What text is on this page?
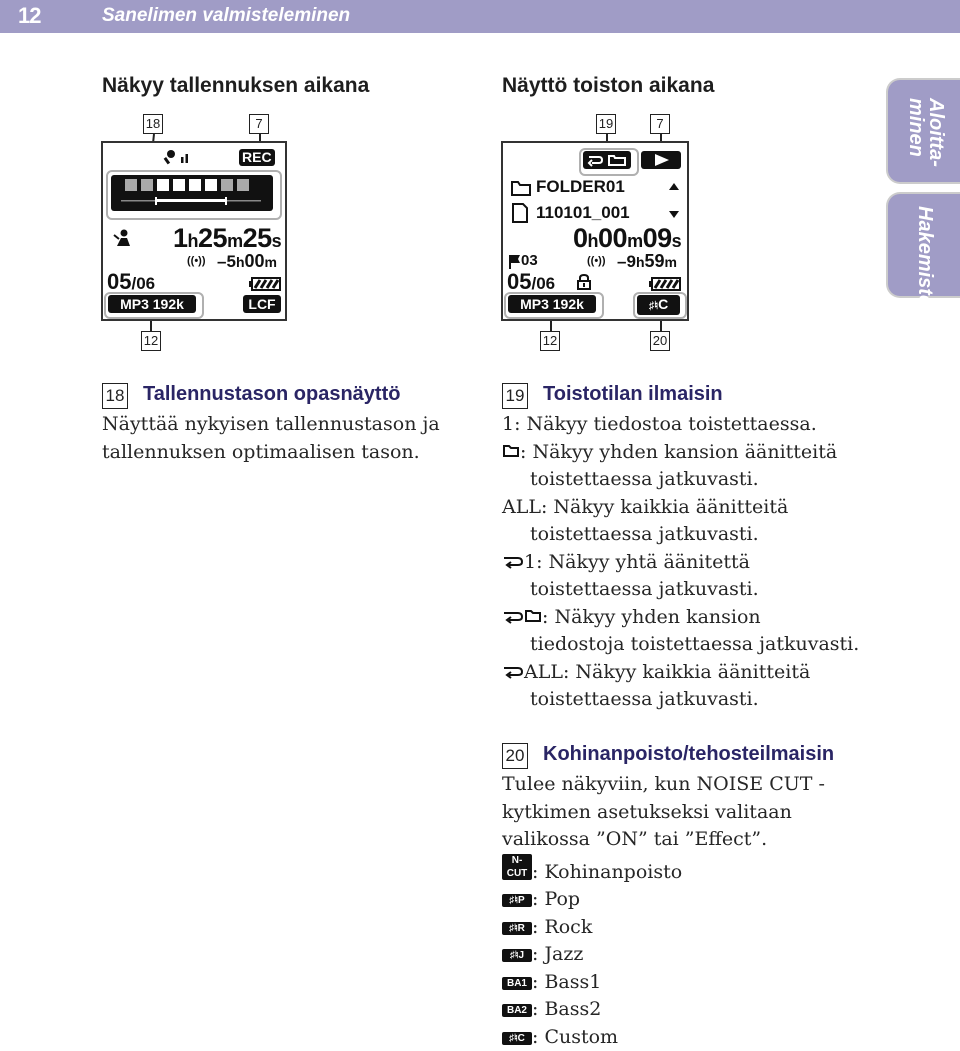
12	Sanelimen valmisteleminen
Aloitta-
minen
Hakemisto
Näkyy tallennuksen aikana
18	7
12
REC
1h25m25s
((•)) –5h00m
05/06
MP3 192k	LCF
Näyttö toiston aikana
19	7
12	20
FOLDER01
110101_001
0h00m09s
03	((•)) –9h59m
05/06
MP3 192k	♯♮C
18 Tallennustason opasnäyttö
Näyttää nykyisen tallennustason ja
tallennuksen optimaalisen tason.
19 Toistotilan ilmaisin
1: Näkyy tiedostoa toistettaessa.
: Näkyy yhden kansion äänitteitä
toistettaessa jatkuvasti.
ALL: Näkyy kaikkia äänitteitä
toistettaessa jatkuvasti.
1: Näkyy yhtä äänitettä
toistettaessa jatkuvasti.
: Näkyy yhden kansion
tiedostoja toistettaessa jatkuvasti.
ALL: Näkyy kaikkia äänitteitä
toistettaessa jatkuvasti.
20 Kohinanpoisto/tehosteilmaisin
Tulee näkyviin, kun NOISE CUT -
kytkimen asetukseksi valitaan
valikossa ”ON” tai ”Effect”.
N-CUT : Kohinanpoisto
♯♮P : Pop
♯♮R : Rock
♯♮J : Jazz
BA1 : Bass1
BA2 : Bass2
♯♮C : Custom
